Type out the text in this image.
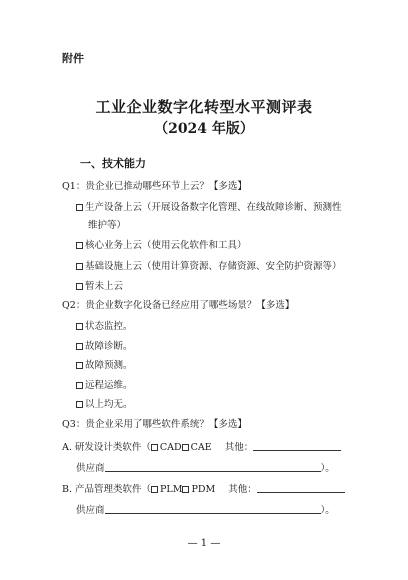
附件
工业企业数字化转型水平测评表
（2024 年版）
一、技术能力
Q1：贵企业已推动哪些环节上云？【多选】
生产设备上云（开展设备数字化管理、在线故障诊断、预测性
维护等）
核心业务上云（使用云化软件和工具）
基础设施上云（使用计算资源、存储资源、安全防护资源等）
暂未上云
Q2：贵企业数字化设备已经应用了哪些场景？【多选】
状态监控。
故障诊断。
故障预测。
远程运维。
以上均无。
Q3：贵企业采用了哪些软件系统？【多选】
A. 研发设计类软件（ CAD CAE 其他：
供应商	）。
B. 产品管理类软件（ PLM PDM 其他：
供应商	）。
— 1 —
